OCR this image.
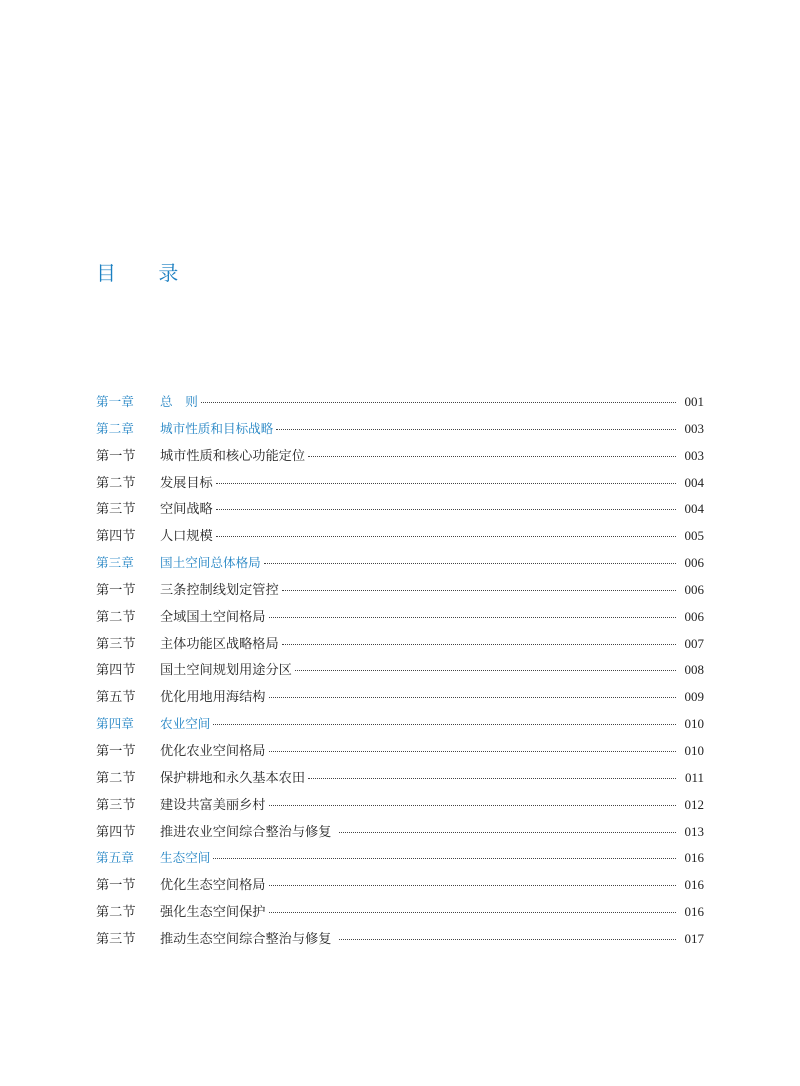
目 录
第一章	总　则	001
第二章	城市性质和目标战略	003
第一节	城市性质和核心功能定位	003
第二节	发展目标	004
第三节	空间战略	004
第四节	人口规模	005
第三章	国土空间总体格局	006
第一节	三条控制线划定管控	006
第二节	全域国土空间格局	006
第三节	主体功能区战略格局	007
第四节	国土空间规划用途分区	008
第五节	优化用地用海结构	009
第四章	农业空间	010
第一节	优化农业空间格局	010
第二节	保护耕地和永久基本农田	011
第三节	建设共富美丽乡村	012
第四节	推进农业空间综合整治与修复	013
第五章	生态空间	016
第一节	优化生态空间格局	016
第二节	强化生态空间保护	016
第三节	推动生态空间综合整治与修复	017
